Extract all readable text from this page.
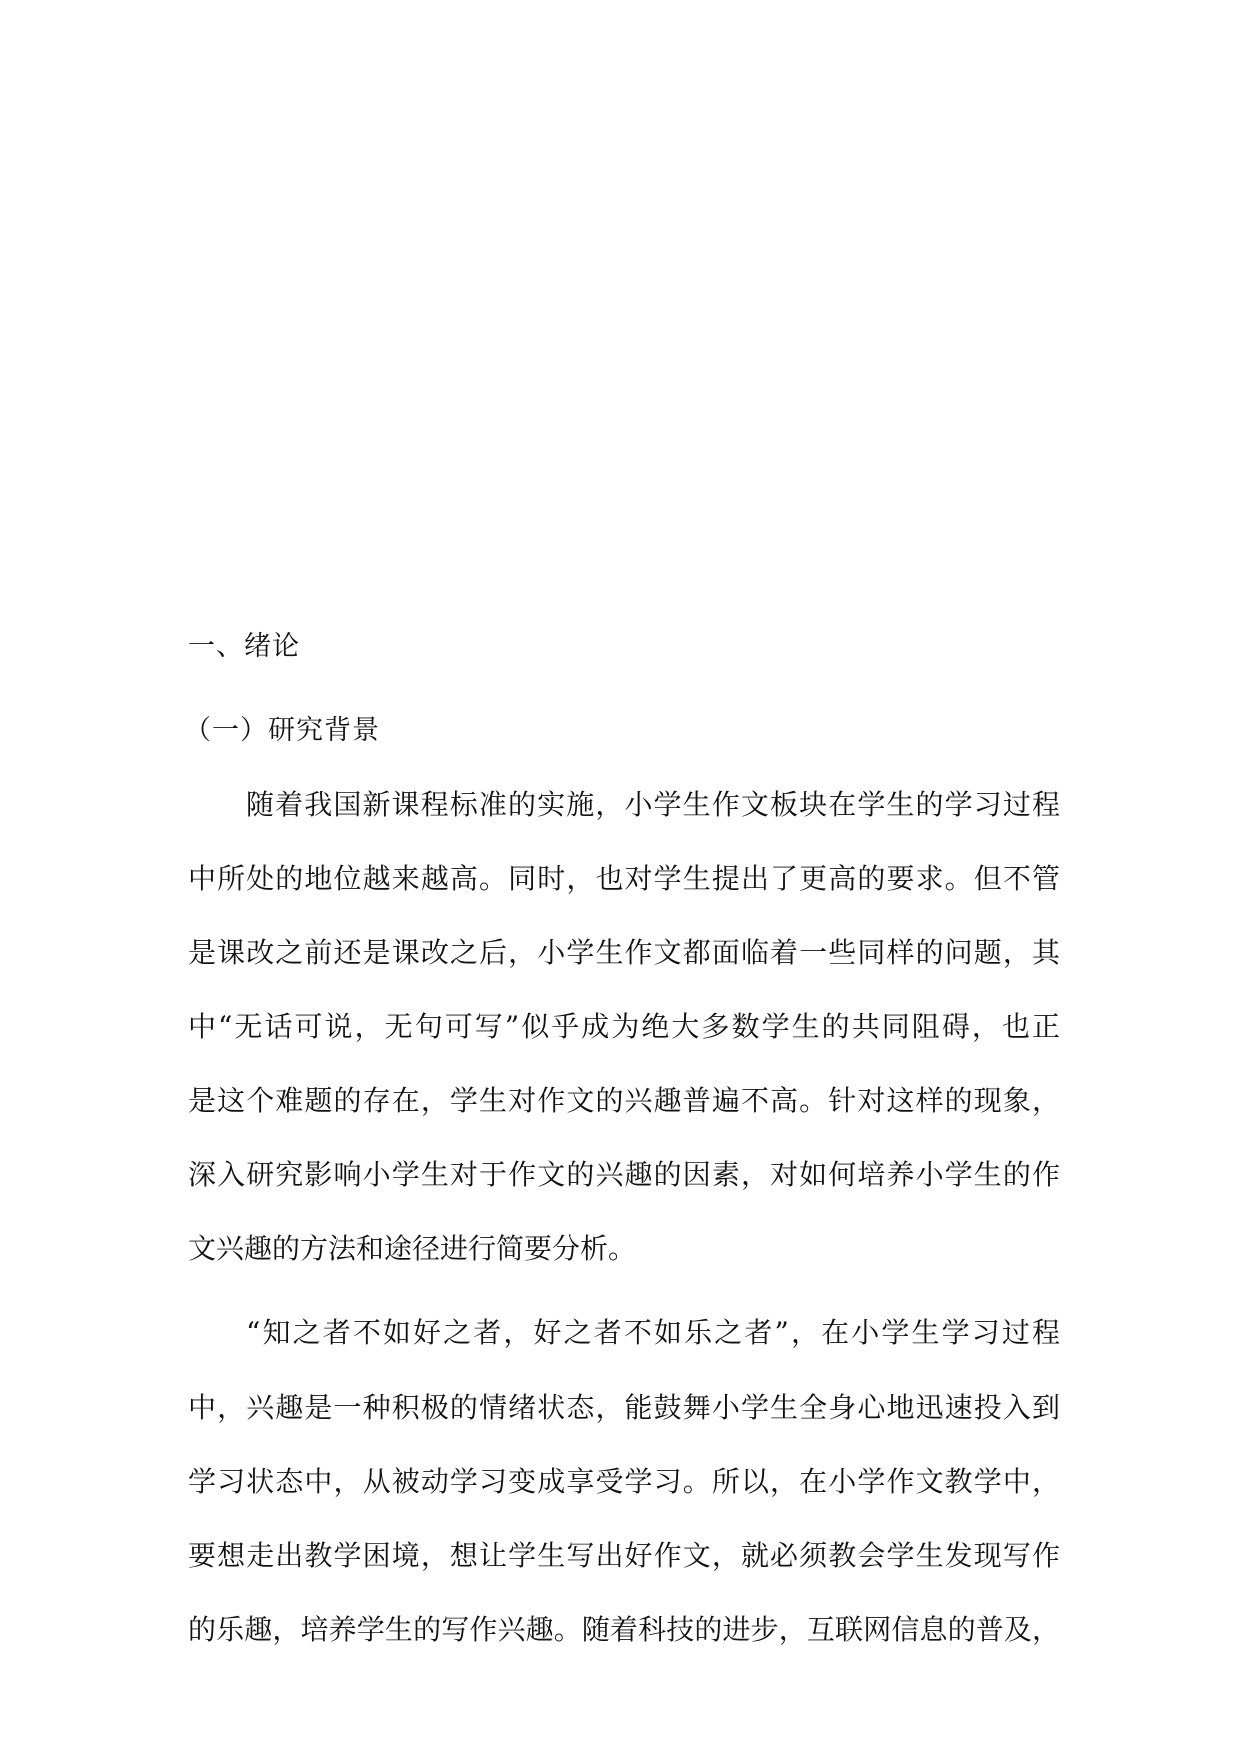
一、绪论
（一）研究背景
随着我国新课程标准的实施，小学生作文板块在学生的学习过程
中所处的地位越来越高。同时，也对学生提出了更高的要求。但不管
是课改之前还是课改之后，小学生作文都面临着一些同样的问题，其
中“无话可说，无句可写”似乎成为绝大多数学生的共同阻碍，也正
是这个难题的存在，学生对作文的兴趣普遍不高。针对这样的现象，
深入研究影响小学生对于作文的兴趣的因素，对如何培养小学生的作
文兴趣的方法和途径进行简要分析。
“知之者不如好之者，好之者不如乐之者”，在小学生学习过程
中，兴趣是一种积极的情绪状态，能鼓舞小学生全身心地迅速投入到
学习状态中，从被动学习变成享受学习。所以，在小学作文教学中，
要想走出教学困境，想让学生写出好作文，就必须教会学生发现写作
的乐趣，培养学生的写作兴趣。随着科技的进步，互联网信息的普及，
